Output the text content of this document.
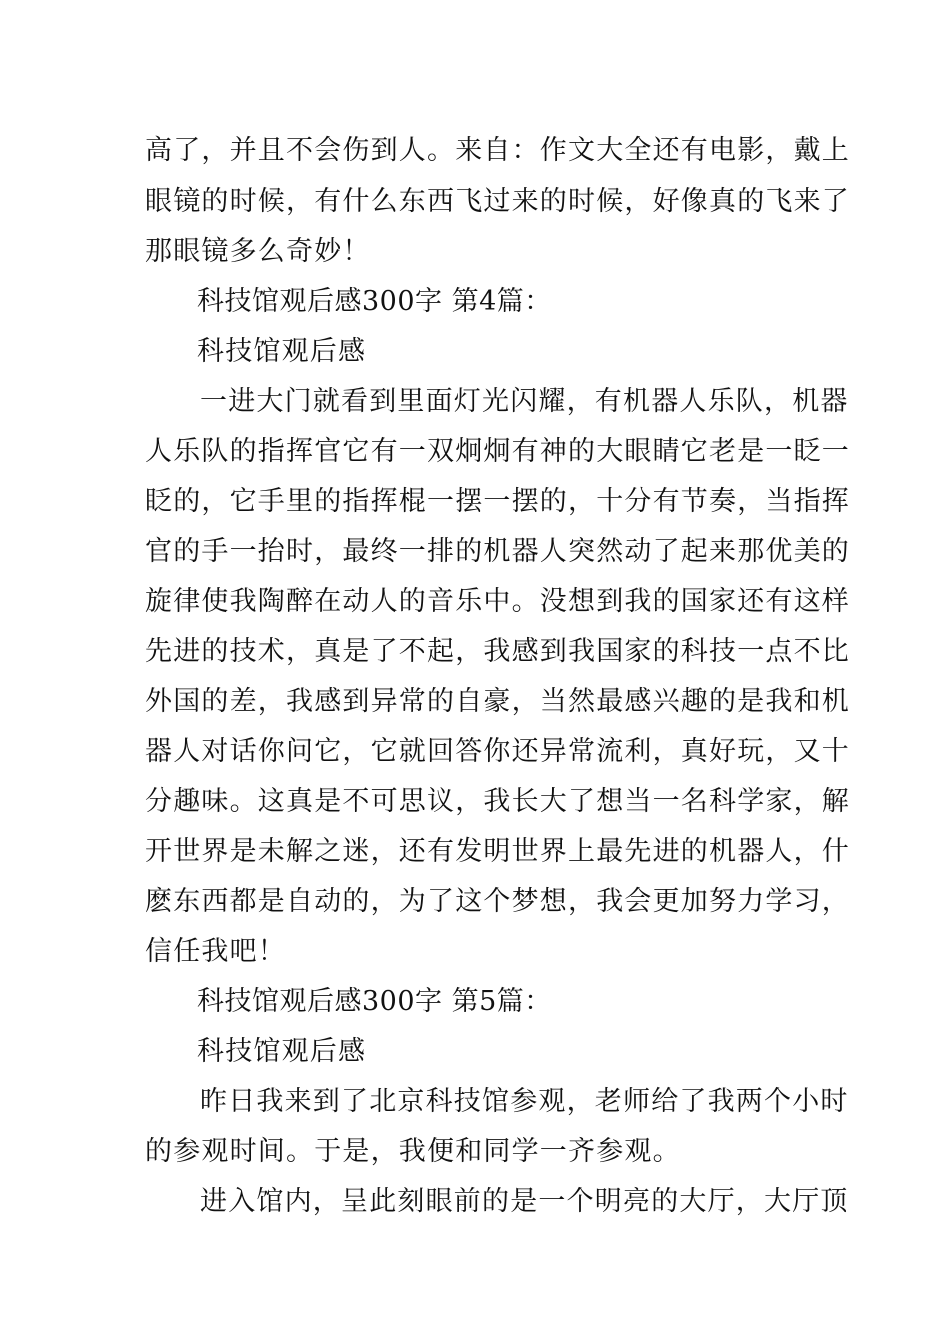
高了，并且不会伤到人。来自：作文大全还有电影，戴上
眼镜的时候，有什么东西飞过来的时候，好像真的飞来了
那眼镜多么奇妙！
科技馆观后感300字 第4篇：
科技馆观后感
一进大门就看到里面灯光闪耀，有机器人乐队，机器
人乐队的指挥官它有一双炯炯有神的大眼睛它老是一眨一
眨的，它手里的指挥棍一摆一摆的，十分有节奏，当指挥
官的手一抬时，最终一排的机器人突然动了起来那优美的
旋律使我陶醉在动人的音乐中。没想到我的国家还有这样
先进的技术，真是了不起，我感到我国家的科技一点不比
外国的差，我感到异常的自豪，当然最感兴趣的是我和机
器人对话你问它，它就回答你还异常流利，真好玩，又十
分趣味。这真是不可思议，我长大了想当一名科学家，解
开世界是未解之迷，还有发明世界上最先进的机器人，什
麽东西都是自动的，为了这个梦想，我会更加努力学习，
信任我吧！
科技馆观后感300字 第5篇：
科技馆观后感
昨日我来到了北京科技馆参观，老师给了我两个小时
的参观时间。于是，我便和同学一齐参观。
进入馆内，呈此刻眼前的是一个明亮的大厅，大厅顶
